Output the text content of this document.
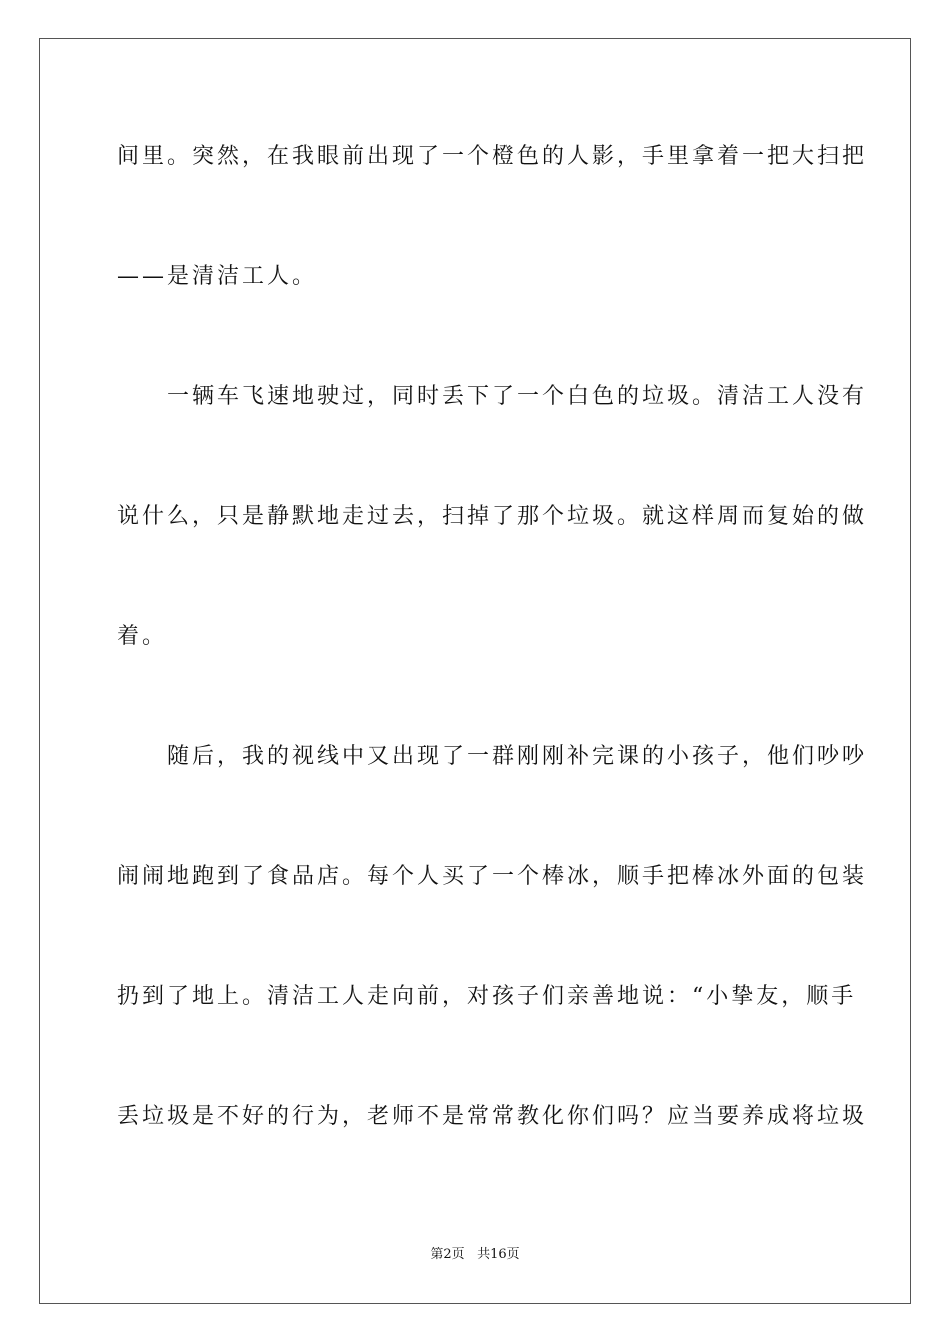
间里。突然，在我眼前出现了一个橙色的人影，手里拿着一把大扫把
——是清洁工人。
　　一辆车飞速地驶过，同时丢下了一个白色的垃圾。清洁工人没有
说什么，只是静默地走过去，扫掉了那个垃圾。就这样周而复始的做
着。
　　随后，我的视线中又出现了一群刚刚补完课的小孩子，他们吵吵
闹闹地跑到了食品店。每个人买了一个棒冰，顺手把棒冰外面的包装
扔到了地上。清洁工人走向前，对孩子们亲善地说：“小挚友，顺手
丢垃圾是不好的行为，老师不是常常教化你们吗？应当要养成将垃圾
第2页 共16页
